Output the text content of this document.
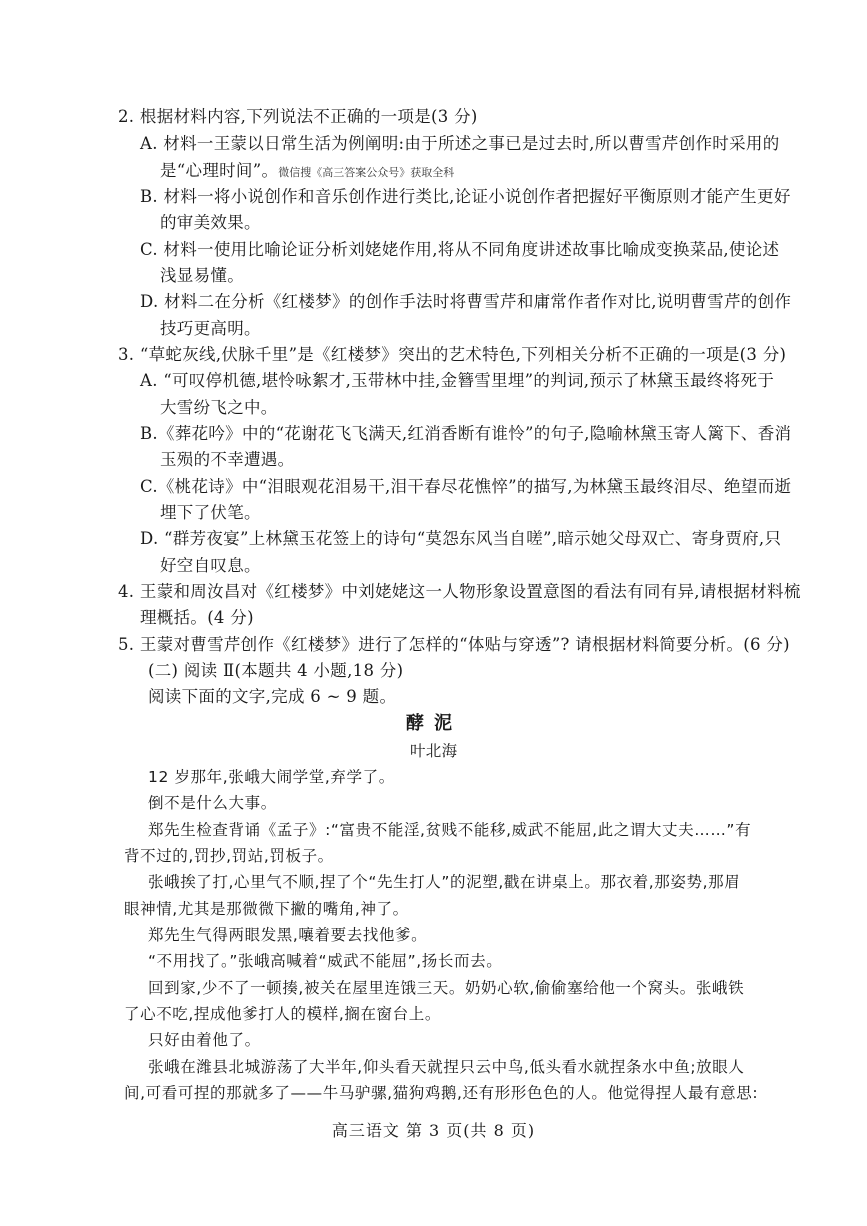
2. 根据材料内容,下列说法不正确的一项是(3 分)
A. 材料一王蒙以日常生活为例阐明:由于所述之事已是过去时,所以曹雪芹创作时采用的
是“心理时间”。微信搜《高三答案公众号》获取全科
B. 材料一将小说创作和音乐创作进行类比,论证小说创作者把握好平衡原则才能产生更好
的审美效果。
C. 材料一使用比喻论证分析刘姥姥作用,将从不同角度讲述故事比喻成变换菜品,使论述
浅显易懂。
D. 材料二在分析《红楼梦》的创作手法时将曹雪芹和庸常作者作对比,说明曹雪芹的创作
技巧更高明。
3. “草蛇灰线,伏脉千里”是《红楼梦》突出的艺术特色,下列相关分析不正确的一项是(3 分)
A. “可叹停机德,堪怜咏絮才,玉带林中挂,金簪雪里埋”的判词,预示了林黛玉最终将死于
大雪纷飞之中。
B.《葬花吟》中的“花谢花飞飞满天,红消香断有谁怜”的句子,隐喻林黛玉寄人篱下、香消
玉殒的不幸遭遇。
C.《桃花诗》中“泪眼观花泪易干,泪干春尽花憔悴”的描写,为林黛玉最终泪尽、绝望而逝
埋下了伏笔。
D. “群芳夜宴”上林黛玉花签上的诗句“莫怨东风当自嗟”,暗示她父母双亡、寄身贾府,只
好空自叹息。
4. 王蒙和周汝昌对《红楼梦》中刘姥姥这一人物形象设置意图的看法有同有异,请根据材料梳
理概括。(4 分)
5. 王蒙对曹雪芹创作《红楼梦》进行了怎样的“体贴与穿透”? 请根据材料简要分析。(6 分)
(二) 阅读 Ⅱ(本题共 4 小题,18 分)
阅读下面的文字,完成 6 ~ 9 题。
酵泥
叶北海
12 岁那年,张峨大闹学堂,弃学了。
倒不是什么大事。
郑先生检查背诵《孟子》:“富贵不能淫,贫贱不能移,威武不能屈,此之谓大丈夫……”有
背不过的,罚抄,罚站,罚板子。
张峨挨了打,心里气不顺,捏了个“先生打人”的泥塑,戳在讲桌上。那衣着,那姿势,那眉
眼神情,尤其是那微微下撇的嘴角,神了。
郑先生气得两眼发黑,嚷着要去找他爹。
“不用找了。”张峨高喊着“威武不能屈”,扬长而去。
回到家,少不了一顿揍,被关在屋里连饿三天。奶奶心软,偷偷塞给他一个窝头。张峨铁
了心不吃,捏成他爹打人的模样,搁在窗台上。
只好由着他了。
张峨在潍县北城游荡了大半年,仰头看天就捏只云中鸟,低头看水就捏条水中鱼;放眼人
间,可看可捏的那就多了——牛马驴骡,猫狗鸡鹅,还有形形色色的人。他觉得捏人最有意思:
高三语文 第 3 页(共 8 页)
